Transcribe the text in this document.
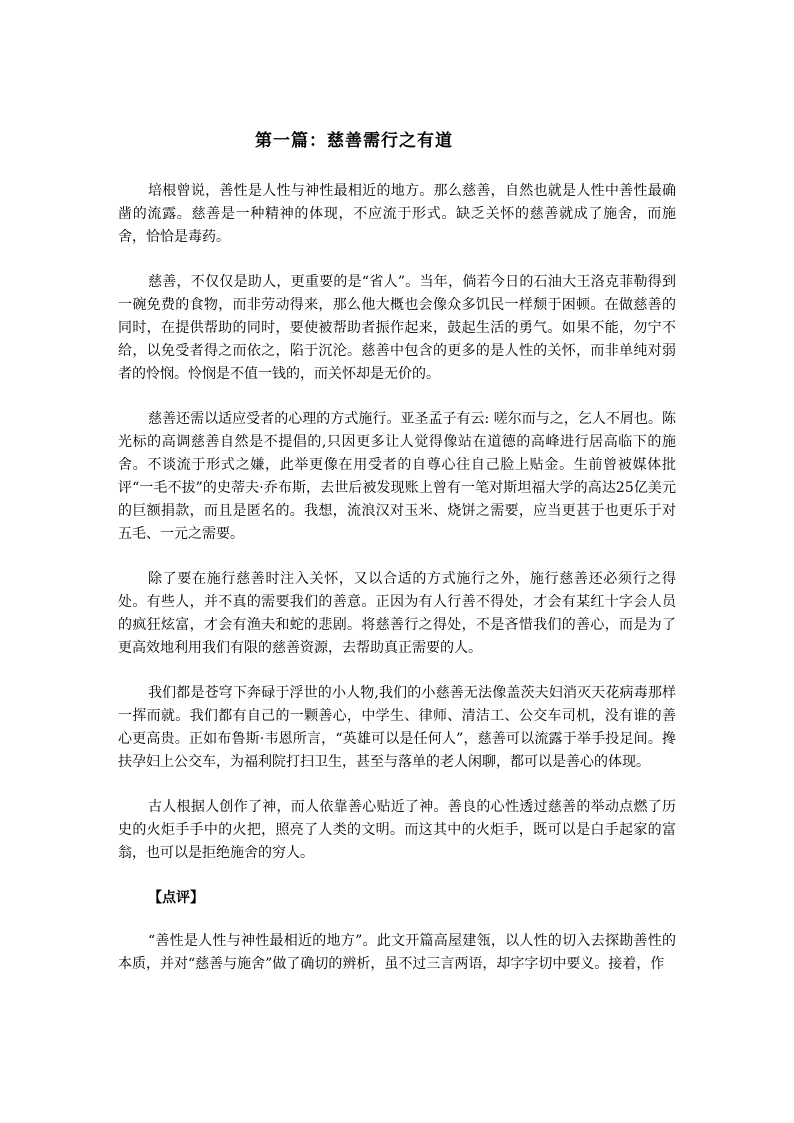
第一篇：慈善需行之有道

培根曾说，善性是人性与神性最相近的地方。那么慈善，自然也就是人性中善性最确凿的流露。慈善是一种精神的体现，不应流于形式。缺乏关怀的慈善就成了施舍，而施舍，恰恰是毒药。

慈善，不仅仅是助人，更重要的是“省人”。当年，倘若今日的石油大王洛克菲勒得到一碗免费的食物，而非劳动得来，那么他大概也会像众多饥民一样颓于困顿。在做慈善的同时，在提供帮助的同时，要使被帮助者振作起来，鼓起生活的勇气。如果不能，勿宁不给，以免受者得之而依之，陷于沉沦。慈善中包含的更多的是人性的关怀，而非单纯对弱者的怜悯。怜悯是不值一钱的，而关怀却是无价的。

慈善还需以适应受者的心理的方式施行。亚圣孟子有云: 嗟尔而与之，乞人不屑也。陈光标的高调慈善自然是不提倡的,只因更多让人觉得像站在道德的高峰进行居高临下的施舍。不谈流于形式之嫌，此举更像在用受者的自尊心往自己脸上贴金。生前曾被媒体批评“一毛不拔”的史蒂夫·乔布斯，去世后被发现账上曾有一笔对斯坦福大学的高达25亿美元的巨额捐款，而且是匿名的。我想，流浪汉对玉米、烧饼之需要，应当更甚于也更乐于对五毛、一元之需要。

除了要在施行慈善时注入关怀，又以合适的方式施行之外，施行慈善还必须行之得处。有些人，并不真的需要我们的善意。正因为有人行善不得处，才会有某红十字会人员的疯狂炫富，才会有渔夫和蛇的悲剧。将慈善行之得处，不是吝惜我们的善心，而是为了更高效地利用我们有限的慈善资源，去帮助真正需要的人。

我们都是苍穹下奔碌于浮世的小人物,我们的小慈善无法像盖茨夫妇消灭天花病毒那样一挥而就。我们都有自己的一颗善心，中学生、律师、清洁工、公交车司机，没有谁的善心更高贵。正如布鲁斯·韦恩所言，“英雄可以是任何人”，慈善可以流露于举手投足间。搀扶孕妇上公交车，为福利院打扫卫生，甚至与落单的老人闲聊，都可以是善心的体现。

古人根据人创作了神，而人依靠善心贴近了神。善良的心性透过慈善的举动点燃了历史的火炬手手中的火把，照亮了人类的文明。而这其中的火炬手，既可以是白手起家的富翁，也可以是拒绝施舍的穷人。

【点评】

“善性是人性与神性最相近的地方”。此文开篇高屋建瓴，以人性的切入去探勘善性的本质，并对“慈善与施舍”做了确切的辨析，虽不过三言两语，却字字切中要义。接着，作
